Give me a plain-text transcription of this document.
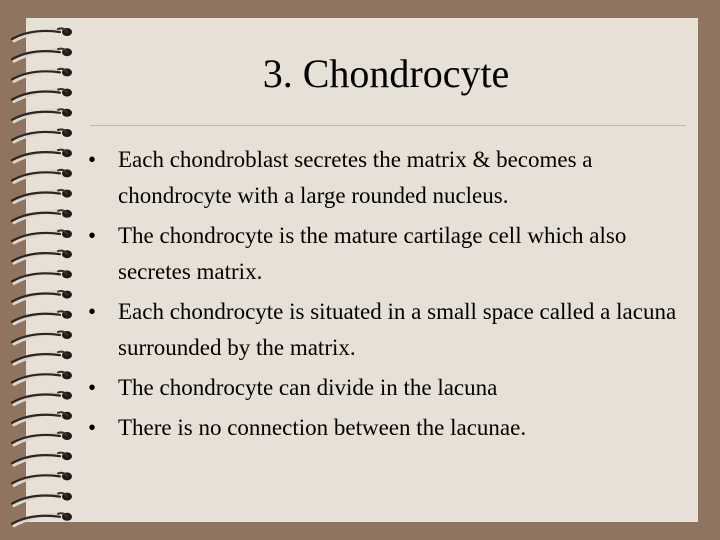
3. Chondrocyte
• Each chondroblast secretes the matrix & becomes a chondrocyte with a large rounded nucleus.
• The chondrocyte is the mature cartilage cell which also secretes matrix.
• Each chondrocyte is situated in a small space called a lacuna surrounded by the matrix.
• The chondrocyte can divide in the lacuna
• There is no connection between the lacunae.
